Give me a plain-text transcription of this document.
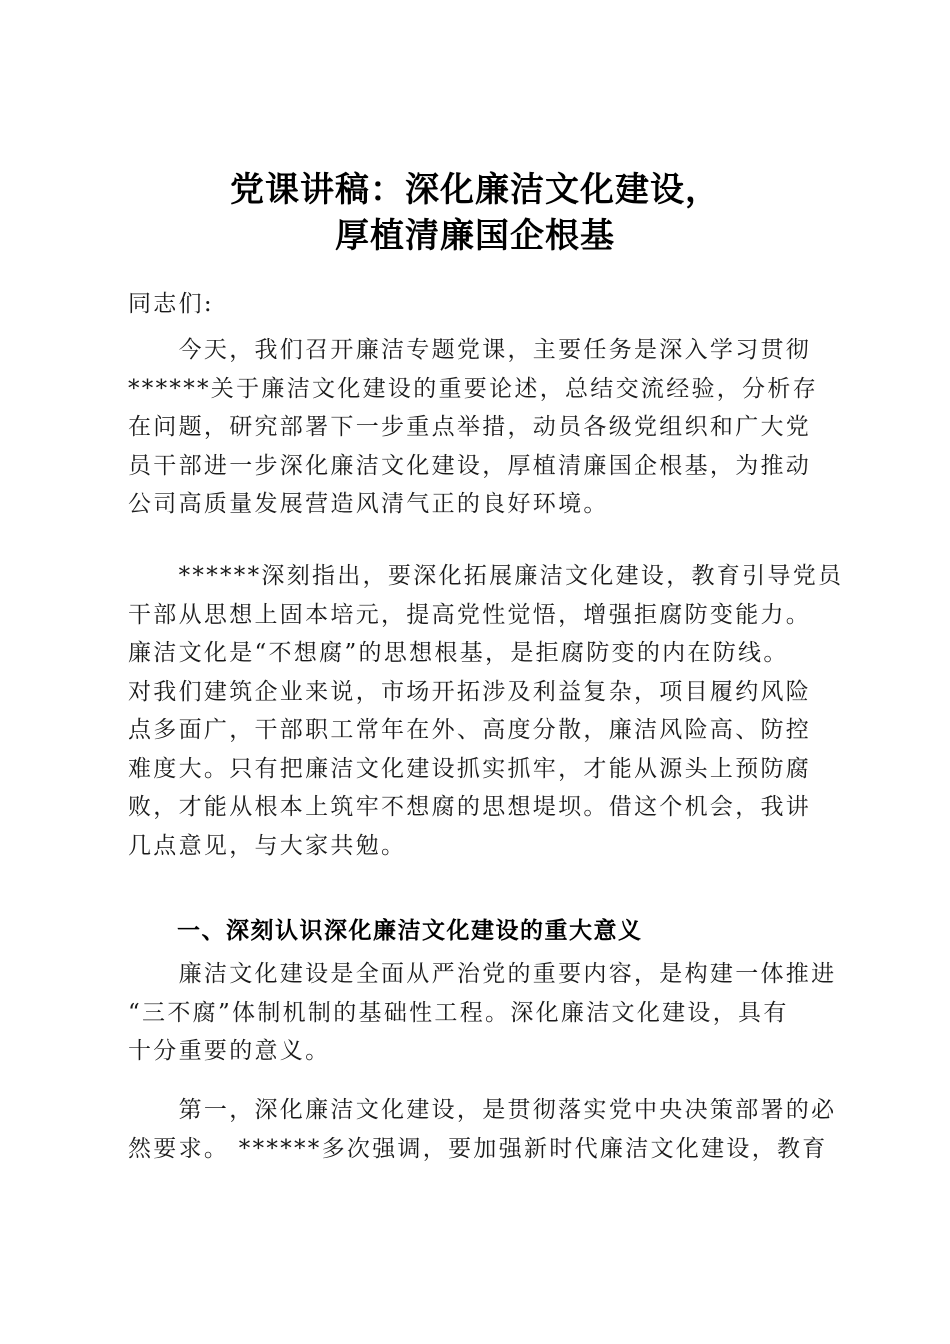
党课讲稿：深化廉洁文化建设，
厚植清廉国企根基

同志们:

　　今天，我们召开廉洁专题党课，主要任务是深入学习贯彻
******关于廉洁文化建设的重要论述，总结交流经验，分析存
在问题，研究部署下一步重点举措，动员各级党组织和广大党
员干部进一步深化廉洁文化建设，厚植清廉国企根基，为推动
公司高质量发展营造风清气正的良好环境。

　　******深刻指出，要深化拓展廉洁文化建设，教育引导党员
干部从思想上固本培元，提高党性觉悟，增强拒腐防变能力。
廉洁文化是“不想腐”的思想根基，是拒腐防变的内在防线。
对我们建筑企业来说，市场开拓涉及利益复杂，项目履约风险
点多面广，干部职工常年在外、高度分散，廉洁风险高、防控
难度大。只有把廉洁文化建设抓实抓牢，才能从源头上预防腐
败，才能从根本上筑牢不想腐的思想堤坝。借这个机会，我讲
几点意见，与大家共勉。

　　一、深刻认识深化廉洁文化建设的重大意义

　　廉洁文化建设是全面从严治党的重要内容，是构建一体推进
“三不腐”体制机制的基础性工程。深化廉洁文化建设，具有
十分重要的意义。

　　第一，深化廉洁文化建设，是贯彻落实党中央决策部署的必
然要求。 ******多次强调，要加强新时代廉洁文化建设，教育
